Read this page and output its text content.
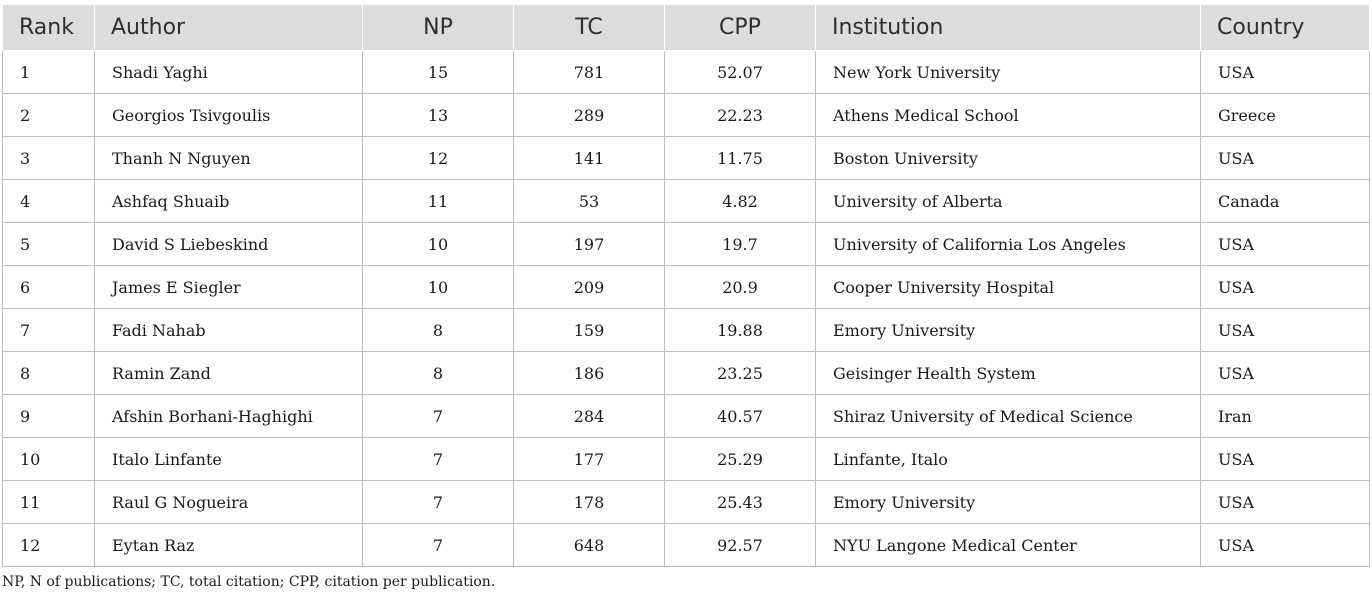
Rank	Author	NP	TC	CPP	Institution	Country
1	Shadi Yaghi	15	781	52.07	New York University	USA
2	Georgios Tsivgoulis	13	289	22.23	Athens Medical School	Greece
3	Thanh N Nguyen	12	141	11.75	Boston University	USA
4	Ashfaq Shuaib	11	53	4.82	University of Alberta	Canada
5	David S Liebeskind	10	197	19.7	University of California Los Angeles	USA
6	James E Siegler	10	209	20.9	Cooper University Hospital	USA
7	Fadi Nahab	8	159	19.88	Emory University	USA
8	Ramin Zand	8	186	23.25	Geisinger Health System	USA
9	Afshin Borhani-Haghighi	7	284	40.57	Shiraz University of Medical Science	Iran
10	Italo Linfante	7	177	25.29	Linfante, Italo	USA
11	Raul G Nogueira	7	178	25.43	Emory University	USA
12	Eytan Raz	7	648	92.57	NYU Langone Medical Center	USA
NP, N of publications; TC, total citation; CPP, citation per publication.
